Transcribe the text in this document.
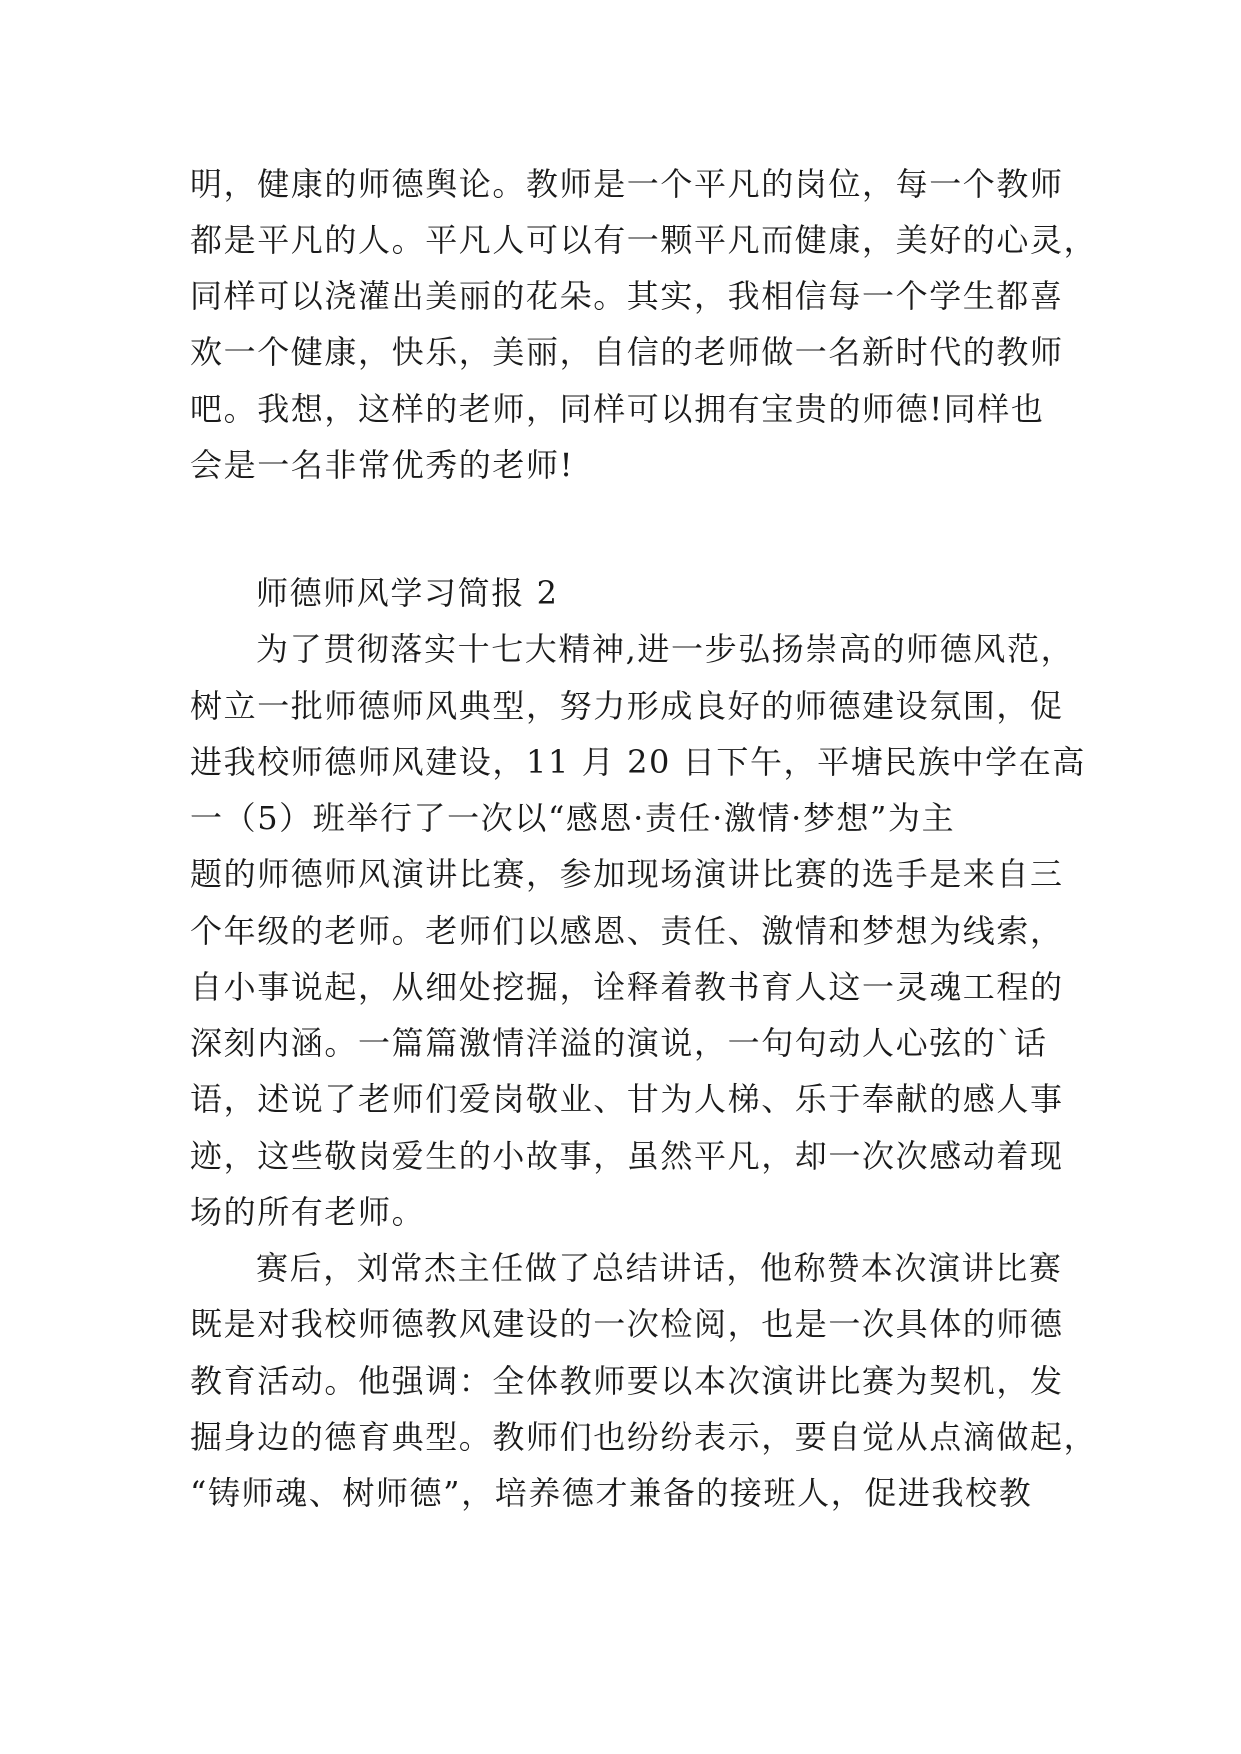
明，健康的师德舆论。教师是一个平凡的岗位，每一个教师
都是平凡的人。平凡人可以有一颗平凡而健康，美好的心灵，
同样可以浇灌出美丽的花朵。其实，我相信每一个学生都喜
欢一个健康，快乐，美丽，自信的老师做一名新时代的教师
吧。我想，这样的老师，同样可以拥有宝贵的师德!同样也
会是一名非常优秀的老师!
师德师风学习简报 2
为了贯彻落实十七大精神,进一步弘扬崇高的师德风范，
树立一批师德师风典型，努力形成良好的师德建设氛围，促
进我校师德师风建设，11 月 20 日下午，平塘民族中学在高
一（5）班举行了一次以“感恩·责任·激情·梦想”为主
题的师德师风演讲比赛，参加现场演讲比赛的选手是来自三
个年级的老师。老师们以感恩、责任、激情和梦想为线索，
自小事说起，从细处挖掘，诠释着教书育人这一灵魂工程的
深刻内涵。一篇篇激情洋溢的演说，一句句动人心弦的`话
语，述说了老师们爱岗敬业、甘为人梯、乐于奉献的感人事
迹，这些敬岗爱生的小故事，虽然平凡，却一次次感动着现
场的所有老师。
赛后，刘常杰主任做了总结讲话，他称赞本次演讲比赛
既是对我校师德教风建设的一次检阅，也是一次具体的师德
教育活动。他强调：全体教师要以本次演讲比赛为契机，发
掘身边的德育典型。教师们也纷纷表示，要自觉从点滴做起，
“铸师魂、树师德”，培养德才兼备的接班人，促进我校教
